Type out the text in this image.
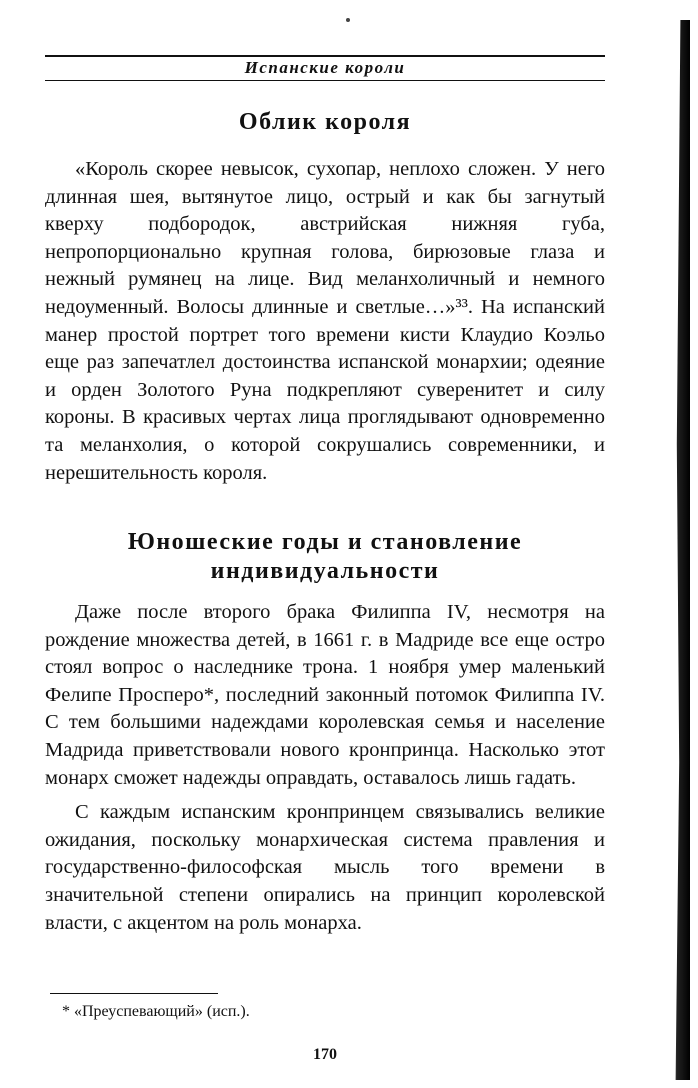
Испанские короли
Облик короля

«Король скорее невысок, сухопар, неплохо сложен. У него длинная шея, вытянутое лицо, острый и как бы загнутый кверху подбородок, австрийская нижняя губа, непропорционально крупная голова, бирюзовые глаза и нежный румянец на лице. Вид меланхоличный и немного недоуменный. Волосы длинные и светлые…»³³. На испанский манер простой портрет того времени кисти Клаудио Коэльо еще раз запечатлел достоинства испанской монархии; одеяние и орден Золотого Руна подкрепляют суверенитет и силу короны. В красивых чертах лица проглядывают одновременно та меланхолия, о которой сокрушались современники, и нерешительность короля.

Юношеские годы и становление
индивидуальности

Даже после второго брака Филиппа IV, несмотря на рождение множества детей, в 1661 г. в Мадриде все еще остро стоял вопрос о наследнике трона. 1 ноября умер маленький Фелипе Просперо*, последний законный потомок Филиппа IV. С тем большими надеждами королевская семья и население Мадрида приветствовали нового кронпринца. Насколько этот монарх сможет надежды оправдать, оставалось лишь гадать.

С каждым испанским кронпринцем связывались великие ожидания, поскольку монархическая система правления и государственно-философская мысль того времени в значительной степени опирались на принцип королевской власти, с акцентом на роль монарха.

* «Преуспевающий» (исп.).
170
